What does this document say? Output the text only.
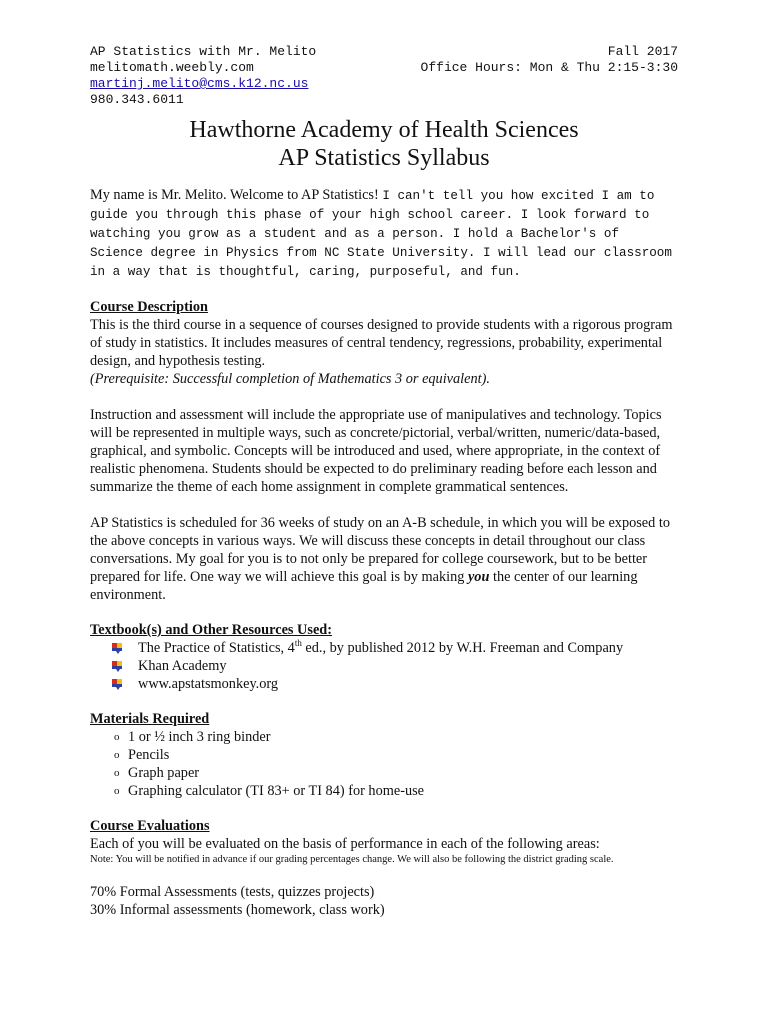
AP Statistics with Mr. Melito	Fall 2017
melitomath.weebly.com	Office Hours: Mon & Thu 2:15-3:30
martinj.melito@cms.k12.nc.us
980.343.6011
Hawthorne Academy of Health Sciences
AP Statistics Syllabus

My name is Mr. Melito. Welcome to AP Statistics! I can't tell you how excited I am to guide you through this phase of your high school career. I look forward to watching you grow as a student and as a person. I hold a Bachelor's of Science degree in Physics from NC State University. I will lead our classroom in a way that is thoughtful, caring, purposeful, and fun.

Course Description

This is the third course in a sequence of courses designed to provide students with a rigorous program of study in statistics. It includes measures of central tendency, regressions, probability, experimental design, and hypothesis testing.

(Prerequisite: Successful completion of Mathematics 3 or equivalent).

Instruction and assessment will include the appropriate use of manipulatives and technology. Topics will be represented in multiple ways, such as concrete/pictorial, verbal/written, numeric/data-based, graphical, and symbolic. Concepts will be introduced and used, where appropriate, in the context of realistic phenomena. Students should be expected to do preliminary reading before each lesson and summarize the theme of each home assignment in complete grammatical sentences.

AP Statistics is scheduled for 36 weeks of study on an A-B schedule, in which you will be exposed to the above concepts in various ways. We will discuss these concepts in detail throughout our class conversations. My goal for you is to not only be prepared for college coursework, but to be better prepared for life. One way we will achieve this goal is by making you the center of our learning environment.

Textbook(s) and Other Resources Used:
The Practice of Statistics, 4th ed., by published 2012 by W.H. Freeman and Company
Khan Academy
www.apstatsmonkey.org
Materials Required
o 1 or ½ inch 3 ring binder
o Pencils
o Graph paper
o Graphing calculator (TI 83+ or TI 84) for home-use
Course Evaluations

Each of you will be evaluated on the basis of performance in each of the following areas:

Note: You will be notified in advance if our grading percentages change. We will also be following the district grading scale.

70% Formal Assessments (tests, quizzes projects)

30% Informal assessments (homework, class work)
